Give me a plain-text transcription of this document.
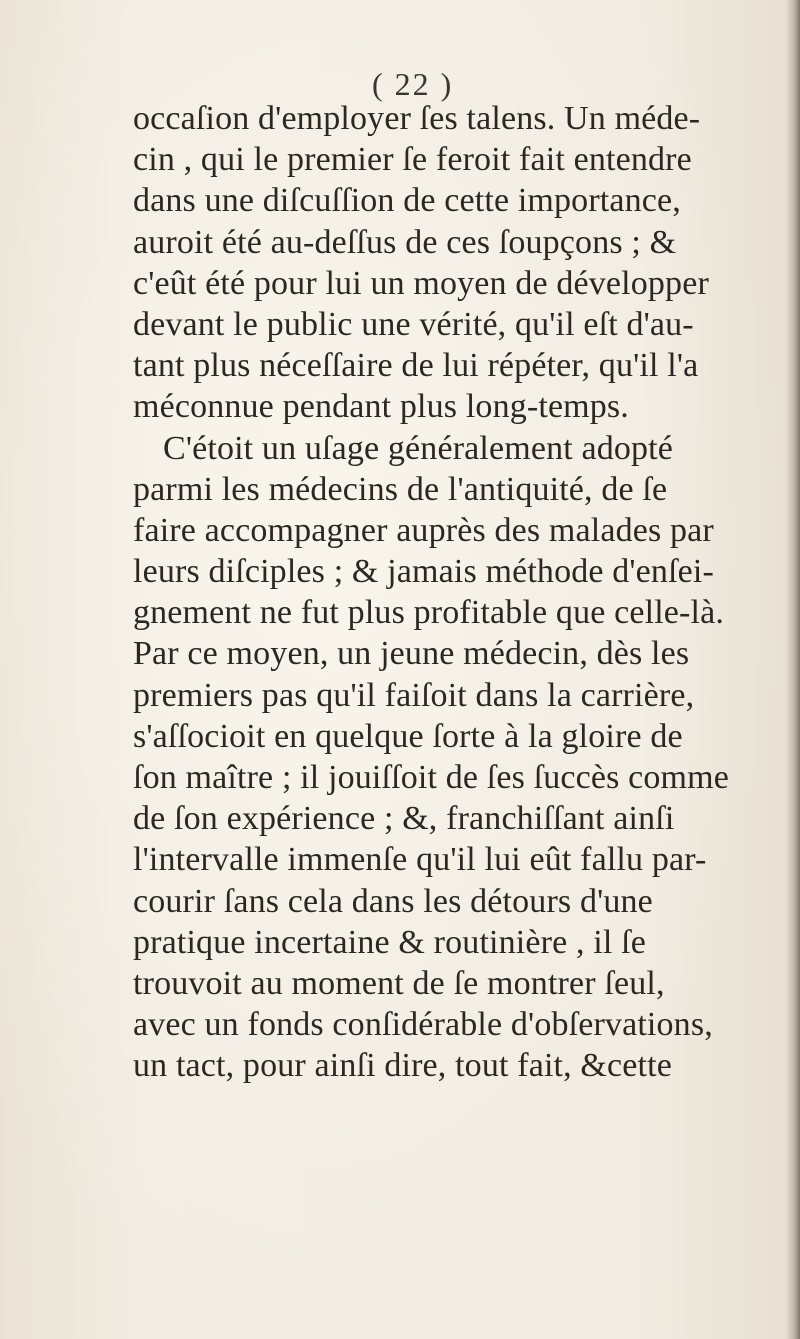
( 22 )
occaſion d'employer ſes talens. Un méde-
cin , qui le premier ſe feroit fait entendre
dans une diſcuſſion de cette importance,
auroit été au-deſſus de ces ſoupçons ; &
c'eût été pour lui un moyen de développer
devant le public une vérité, qu'il eſt d'au-
tant plus néceſſaire de lui répéter, qu'il l'a
méconnue pendant plus long-temps.
C'étoit un uſage généralement adopté
parmi les médecins de l'antiquité, de ſe
faire accompagner auprès des malades par
leurs diſciples ; & jamais méthode d'enſei-
gnement ne fut plus profitable que celle-là.
Par ce moyen, un jeune médecin, dès les
premiers pas qu'il faiſoit dans la carrière,
s'aſſocioit en quelque ſorte à la gloire de
ſon maître ; il jouiſſoit de ſes ſuccès comme
de ſon expérience ; &, franchiſſant ainſi
l'intervalle immenſe qu'il lui eût fallu par-
courir ſans cela dans les détours d'une
pratique incertaine & routinière , il ſe
trouvoit au moment de ſe montrer ſeul,
avec un fonds conſidérable d'obſervations,
un tact, pour ainſi dire, tout fait, &cette
